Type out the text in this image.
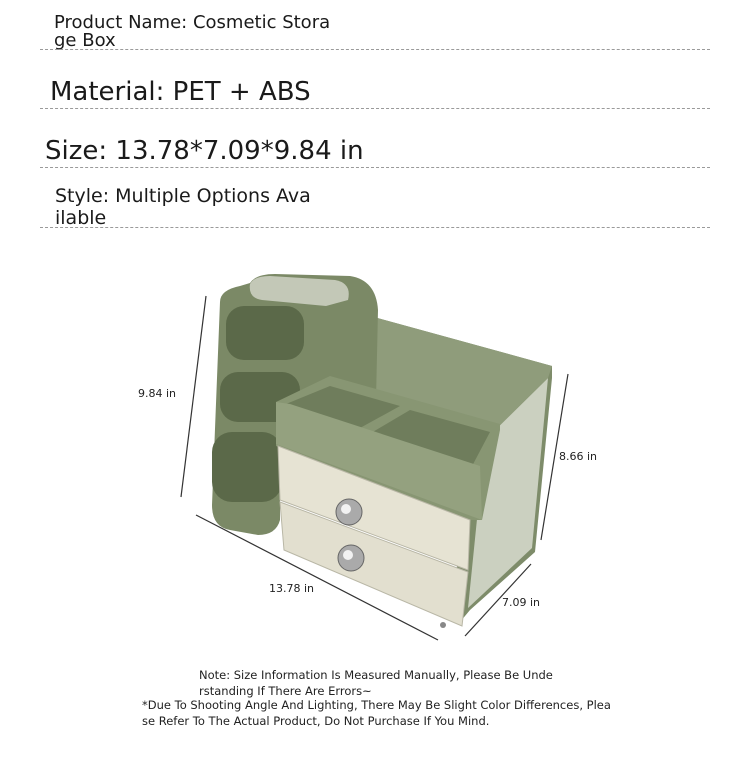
Product Name: Cosmetic Stora
ge Box
Material: PET + ABS
Size: 13.78*7.09*9.84 in
Style: Multiple Options Ava
ilable
9.84 in
8.66 in
13.78 in
7.09 in
Note: Size Information Is Measured Manually, Please Be Unde
rstanding If There Are Errors~
*Due To Shooting Angle And Lighting, There May Be Slight Color Differences, Plea
se Refer To The Actual Product, Do Not Purchase If You Mind.
